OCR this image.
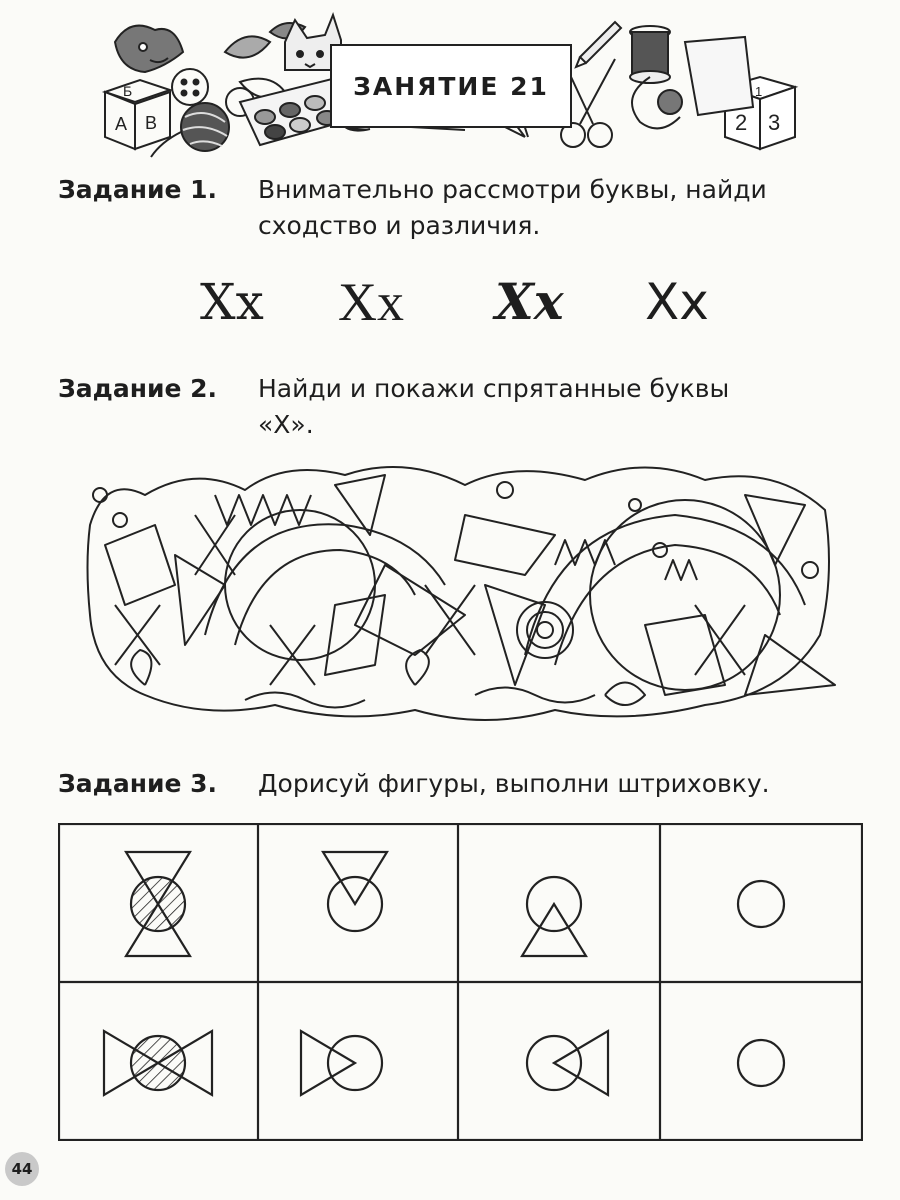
A B
Б
2 3
1
ЗАНЯТИЕ 21
Задание 1. Внимательно рассмотри буквы, найди
сходство и различия.
Хх Хх Хх Хх
Задание 2. Найди и покажи спрятанные буквы
«Х».
Задание 3. Дорисуй фигуры, выполни штриховку.
44
